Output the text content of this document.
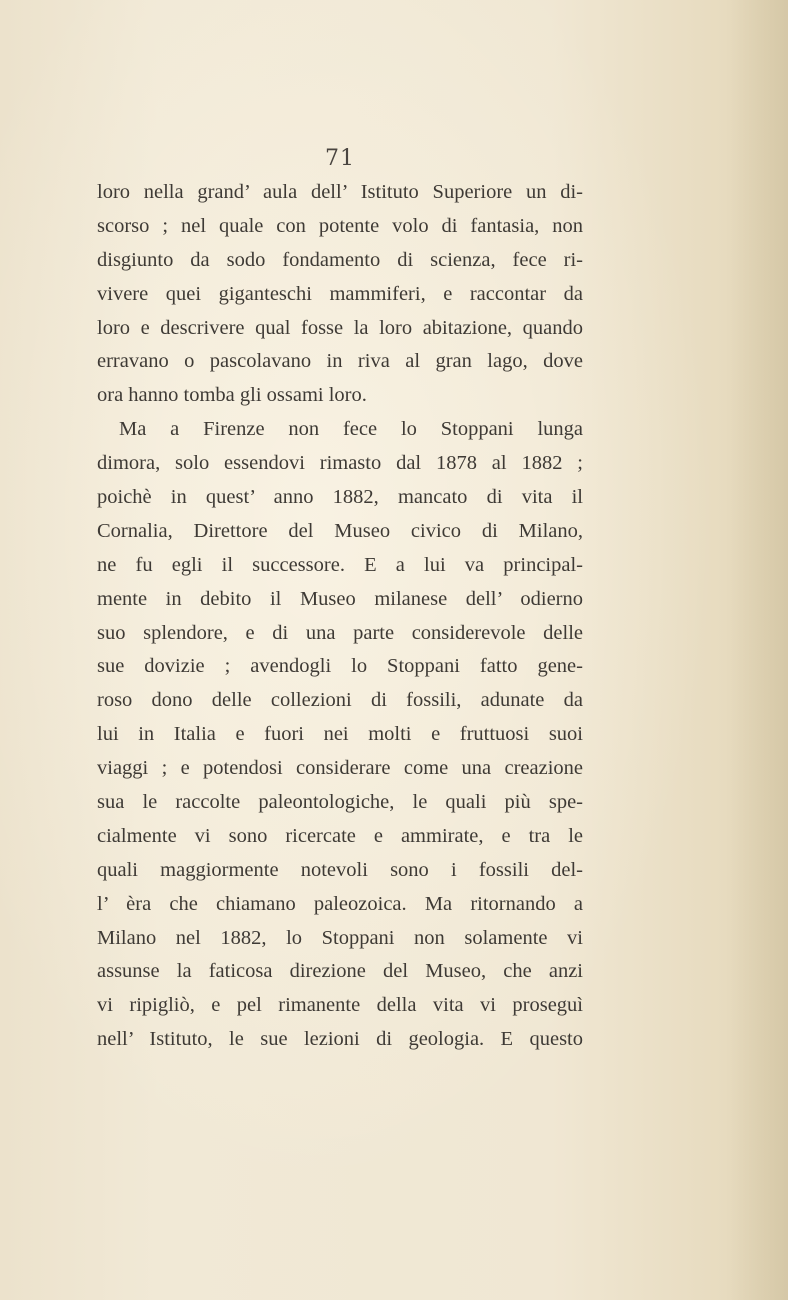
71
loro nella grand’ aula dell’ Istituto Superiore un di-
scorso ; nel quale con potente volo di fantasia, non
disgiunto da sodo fondamento di scienza, fece ri-
vivere quei giganteschi mammiferi, e raccontar da
loro e descrivere qual fosse la loro abitazione, quando
erravano o pascolavano in riva al gran lago, dove
ora hanno tomba gli ossami loro.
Ma a Firenze non fece lo Stoppani lunga
dimora, solo essendovi rimasto dal 1878 al 1882 ;
poichè in quest’ anno 1882, mancato di vita il
Cornalia, Direttore del Museo civico di Milano,
ne fu egli il successore. E a lui va principal-
mente in debito il Museo milanese dell’ odierno
suo splendore, e di una parte considerevole delle
sue dovizie ; avendogli lo Stoppani fatto gene-
roso dono delle collezioni di fossili, adunate da
lui in Italia e fuori nei molti e fruttuosi suoi
viaggi ; e potendosi considerare come una creazione
sua le raccolte paleontologiche, le quali più spe-
cialmente vi sono ricercate e ammirate, e tra le
quali maggiormente notevoli sono i fossili del-
l’ èra che chiamano paleozoica. Ma ritornando a
Milano nel 1882, lo Stoppani non solamente vi
assunse la faticosa direzione del Museo, che anzi
vi ripigliò, e pel rimanente della vita vi proseguì
nell’ Istituto, le sue lezioni di geologia. E questo
